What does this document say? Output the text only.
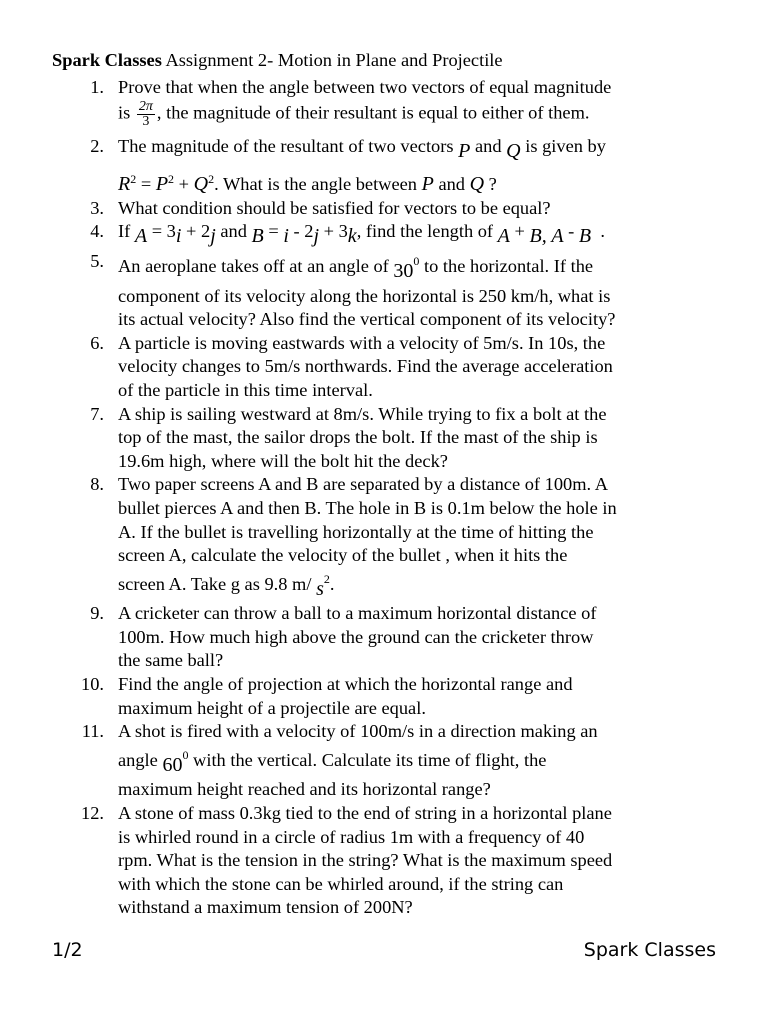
Spark Classes Assignment 2- Motion in Plane and Projectile
1. Prove that when the angle between two vectors of equal magnitude
is $\frac{2\pi}{3}$ , the magnitude of their resultant is equal to either of them.
2. The magnitude of the resultant of two vectors P and Q is given by
$R^2 = P^2 + Q^2$. What is the angle between P and Q ?
3. What condition should be satisfied for vectors to be equal?
4. If A = 3i + 2j and B = i - 2j + 3k, find the length of A + B, A - B .
5. An aeroplane takes off at an angle of $30^0$ to the horizontal. If the
component of its velocity along the horizontal is 250 km/h, what is
its actual velocity? Also find the vertical component of its velocity?
6. A particle is moving eastwards with a velocity of 5m/s. In 10s, the
velocity changes to 5m/s northwards. Find the average acceleration
of the particle in this time interval.
7. A ship is sailing westward at 8m/s. While trying to fix a bolt at the
top of the mast, the sailor drops the bolt. If the mast of the ship is
19.6m high, where will the bolt hit the deck?
8. Two paper screens A and B are separated by a distance of 100m. A
bullet pierces A and then B. The hole in B is 0.1m below the hole in
A. If the bullet is travelling horizontally at the time of hitting the
screen A, calculate the velocity of the bullet , when it hits the
screen A. Take g as 9.8 m/ $s^2$.
9. A cricketer can throw a ball to a maximum horizontal distance of
100m. How much high above the ground can the cricketer throw
the same ball?
10. Find the angle of projection at which the horizontal range and
maximum height of a projectile are equal.
11. A shot is fired with a velocity of 100m/s in a direction making an
angle $60^0$ with the vertical. Calculate its time of flight, the
maximum height reached and its horizontal range?
12. A stone of mass 0.3kg tied to the end of string in a horizontal plane
is whirled round in a circle of radius 1m with a frequency of 40
rpm. What is the tension in the string? What is the maximum speed
with which the stone can be whirled around, if the string can
withstand a maximum tension of 200N?
1/2	Spark Classes
